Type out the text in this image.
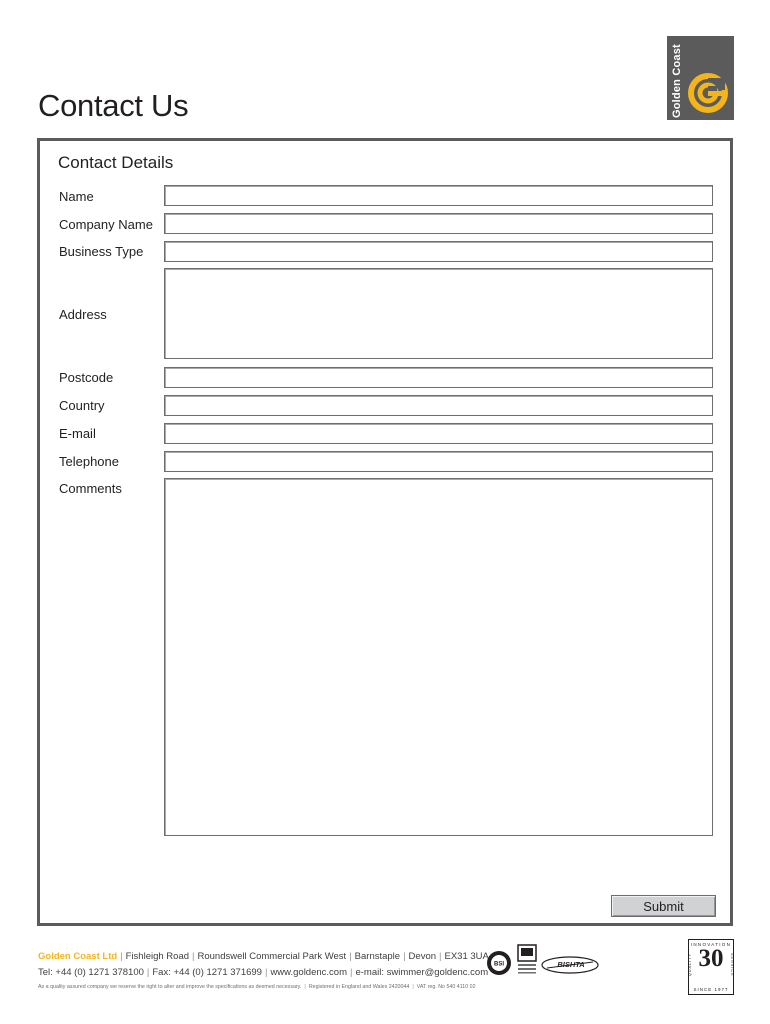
Contact Us	Golden Coast
Contact Details
Name
Company Name
Business Type
Address
Postcode
Country
E-mail
Telephone
Comments
Submit
Golden Coast Ltd | Fishleigh Road | Roundswell Commercial Park West | Barnstaple | Devon | EX31 3UA
Tel: +44 (0) 1271 378100 | Fax: +44 (0) 1271 371699 | www.goldenc.com | e-mail: swimmer@goldenc.com
As a quality assured company we reserve the right to alter and improve the specifications as deemed necessary. | Registered in England and Wales 2420044 | VAT reg. No 540 4110 02
BSI	BISHTA
INNOVATION
30
QUALITY	SERVICE
SINCE 1977
